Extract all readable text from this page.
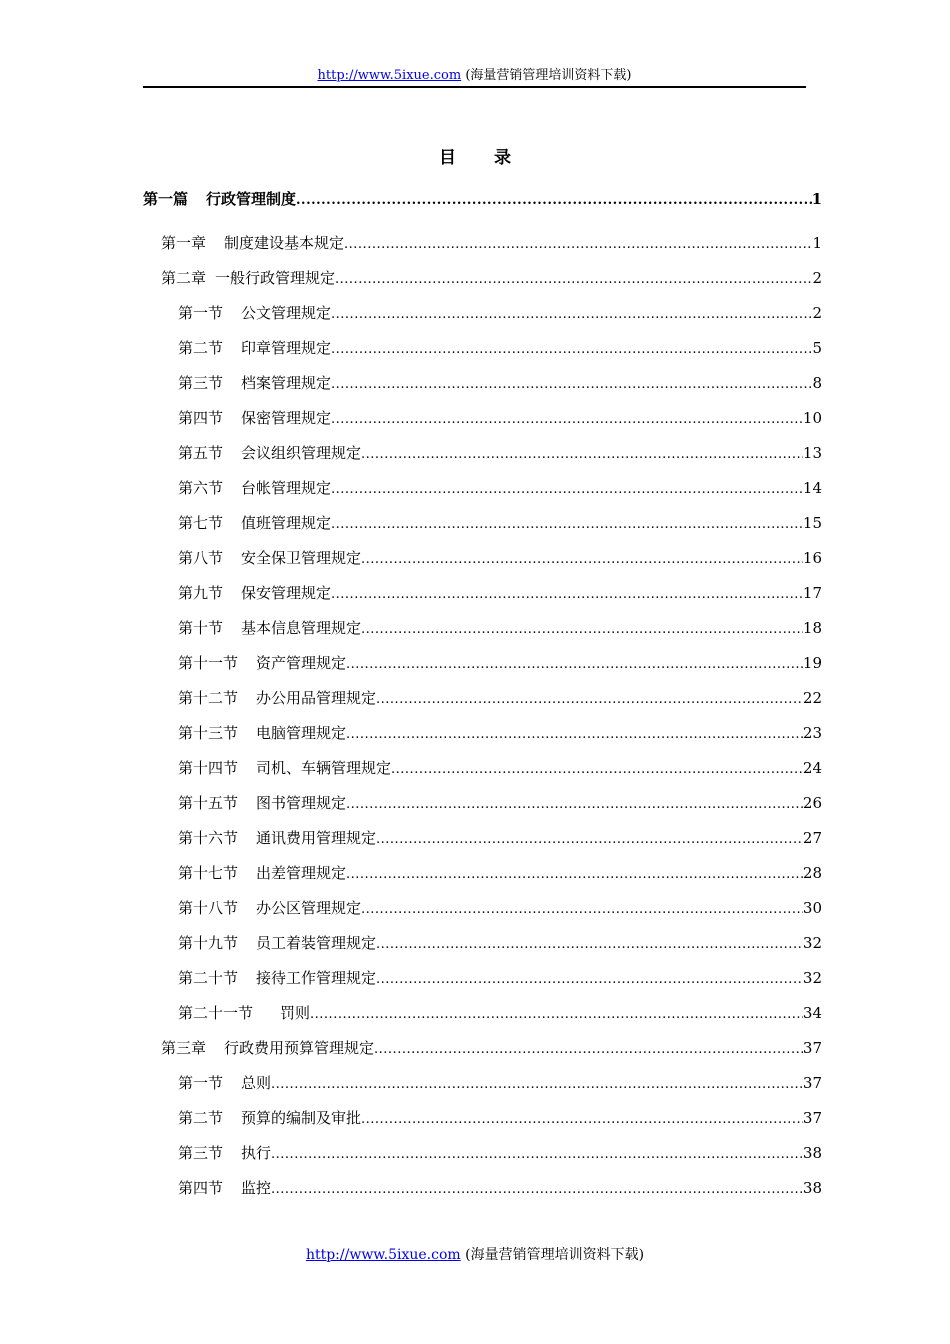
http://www.5ixue.com (海量营销管理培训资料下载)
目录
第一篇 行政管理制度 .....	1
第一章 制度建设基本规定 .....	1
第二章 一般行政管理规定 .....	2
第一节 公文管理规定 .....	2
第二节 印章管理规定 .....	5
第三节 档案管理规定 .....	8
第四节 保密管理规定 .....	10
第五节 会议组织管理规定 .....	13
第六节 台帐管理规定 .....	14
第七节 值班管理规定 .....	15
第八节 安全保卫管理规定 .....	16
第九节 保安管理规定 .....	17
第十节 基本信息管理规定 .....	18
第十一节 资产管理规定 .....	19
第十二节 办公用品管理规定 .....	22
第十三节 电脑管理规定 .....	23
第十四节 司机、车辆管理规定 .....	24
第十五节 图书管理规定 .....	26
第十六节 通讯费用管理规定 .....	27
第十七节 出差管理规定 .....	28
第十八节 办公区管理规定 .....	30
第十九节 员工着装管理规定 .....	32
第二十节 接待工作管理规定 .....	32
第二十一节 罚则 .....	34
第三章 行政费用预算管理规定 .....	37
第一节 总则 .....	37
第二节 预算的编制及审批 .....	37
第三节 执行 .....	38
第四节 监控 .....	38
http://www.5ixue.com (海量营销管理培训资料下载)
